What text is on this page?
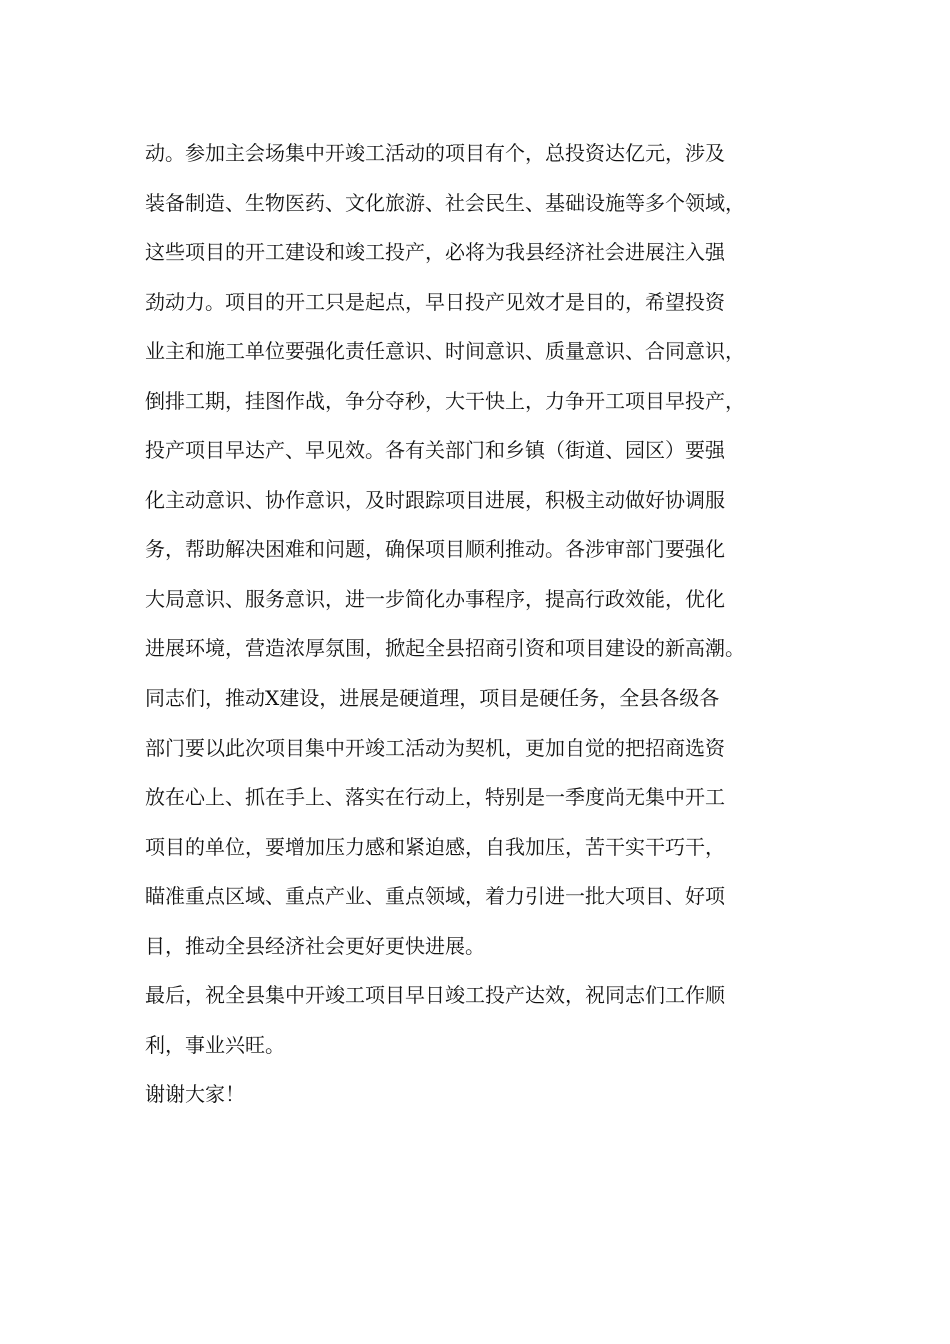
动。参加主会场集中开竣工活动的项目有个，总投资达亿元，涉及
装备制造、生物医药、文化旅游、社会民生、基础设施等多个领域，
这些项目的开工建设和竣工投产，必将为我县经济社会进展注入强
劲动力。项目的开工只是起点，早日投产见效才是目的，希望投资
业主和施工单位要强化责任意识、时间意识、质量意识、合同意识，
倒排工期，挂图作战，争分夺秒，大干快上，力争开工项目早投产，
投产项目早达产、早见效。各有关部门和乡镇（街道、园区）要强
化主动意识、协作意识，及时跟踪项目进展，积极主动做好协调服
务，帮助解决困难和问题，确保项目顺利推动。各涉审部门要强化
大局意识、服务意识，进一步简化办事程序，提高行政效能，优化
进展环境，营造浓厚氛围，掀起全县招商引资和项目建设的新高潮。
同志们，推动X建设，进展是硬道理，项目是硬任务，全县各级各
部门要以此次项目集中开竣工活动为契机，更加自觉的把招商选资
放在心上、抓在手上、落实在行动上，特别是一季度尚无集中开工
项目的单位，要增加压力感和紧迫感，自我加压，苦干实干巧干，
瞄准重点区域、重点产业、重点领域，着力引进一批大项目、好项
目，推动全县经济社会更好更快进展。
最后，祝全县集中开竣工项目早日竣工投产达效，祝同志们工作顺
利，事业兴旺。
谢谢大家！
